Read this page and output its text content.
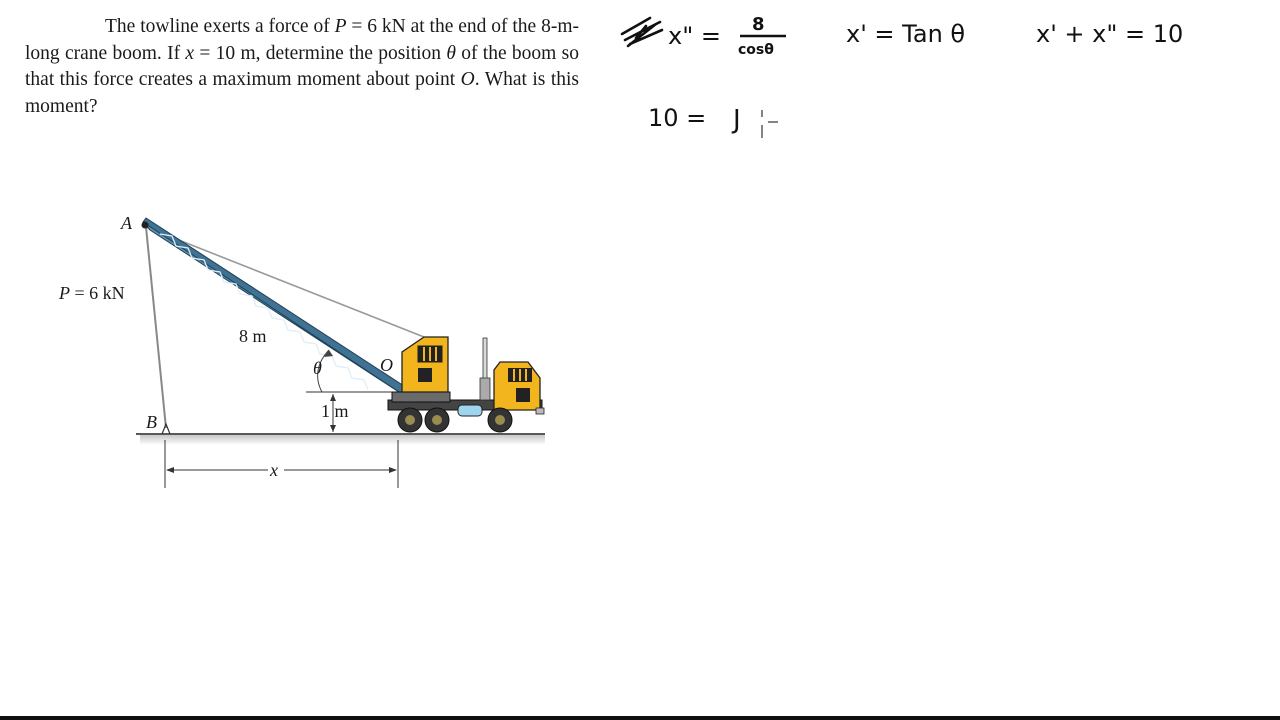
The towline exerts a force of P = 6 kN at the end of the 8-m-long crane boom. If x = 10 m, determine the position θ of the boom so that this force creates a maximum moment about point O. What is this moment?

A
B
O
P = 6 kN
8 m
θ
1 m
x
x" = 8
cosθ
x' = Tan θ	x' + x" = 10
10 = J
